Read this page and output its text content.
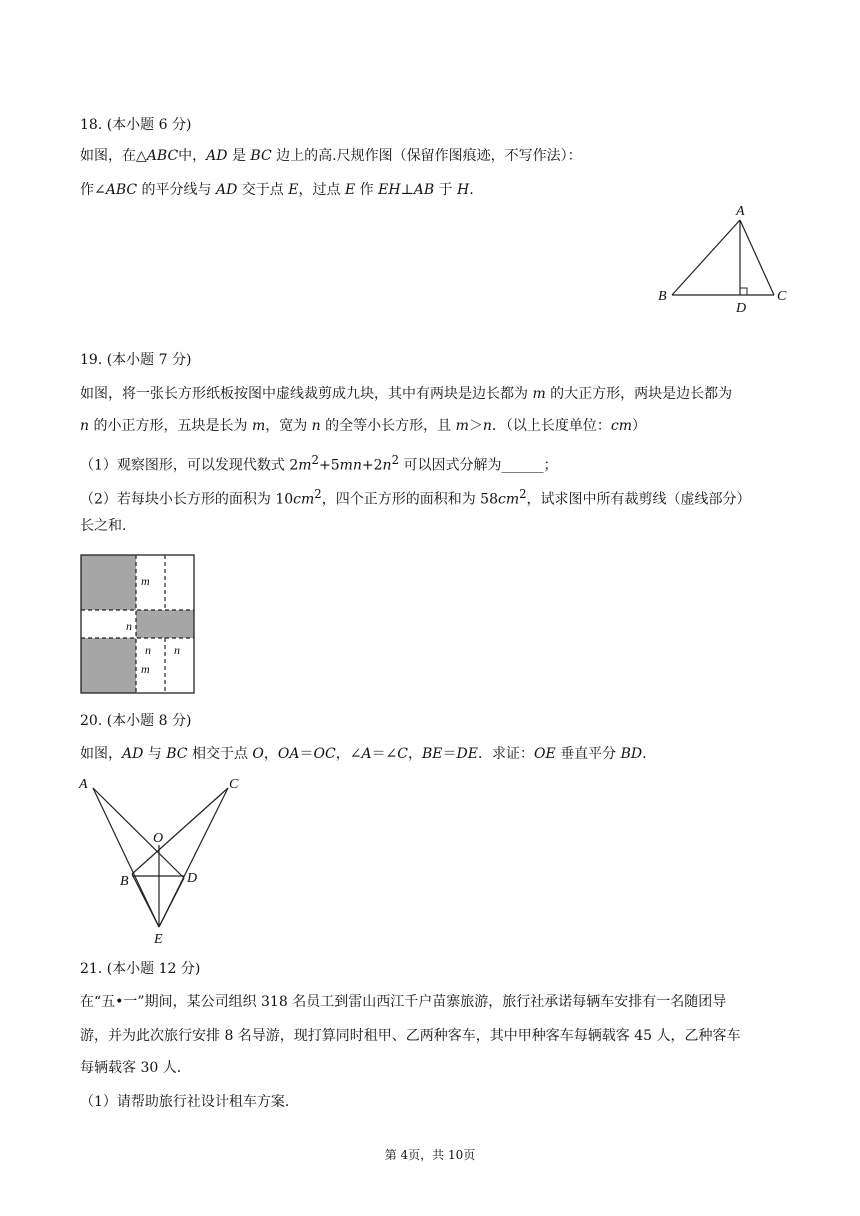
18. (本小题 6 分)
如图，在△ABC中，AD 是 BC 边上的高.尺规作图（保留作图痕迹，不写作法）：
作∠ABC 的平分线与 AD 交于点 E，过点 E 作 EH⊥AB 于 H.
A
B	C
D
19. (本小题 7 分)
如图，将一张长方形纸板按图中虚线裁剪成九块，其中有两块是边长都为 m 的大正方形，两块是边长都为
n 的小正方形，五块是长为 m，宽为 n 的全等小长方形，且 m＞n．（以上长度单位：cm）
（1）观察图形，可以发现代数式 $2m^2+5mn+2n^2$ 可以因式分解为______；
（2）若每块小长方形的面积为 $10cm^2$，四个正方形的面积和为 $58cm^2$，试求图中所有裁剪线（虚线部分）
长之和.
m
n
n n
m
20. (本小题 8 分)
如图，AD 与 BC 相交于点 O，OA＝OC，∠A＝∠C，BE＝DE．求证：OE 垂直平分 BD.
A	C
O
B	D
E
21. (本小题 12 分)
在“五•一”期间，某公司组织 318 名员工到雷山西江千户苗寨旅游，旅行社承诺每辆车安排有一名随团导
游，并为此次旅行安排 8 名导游，现打算同时租甲、乙两种客车，其中甲种客车每辆载客 45 人，乙种客车
每辆载客 30 人.
（1）请帮助旅行社设计租车方案.
第 4页，共 10页
